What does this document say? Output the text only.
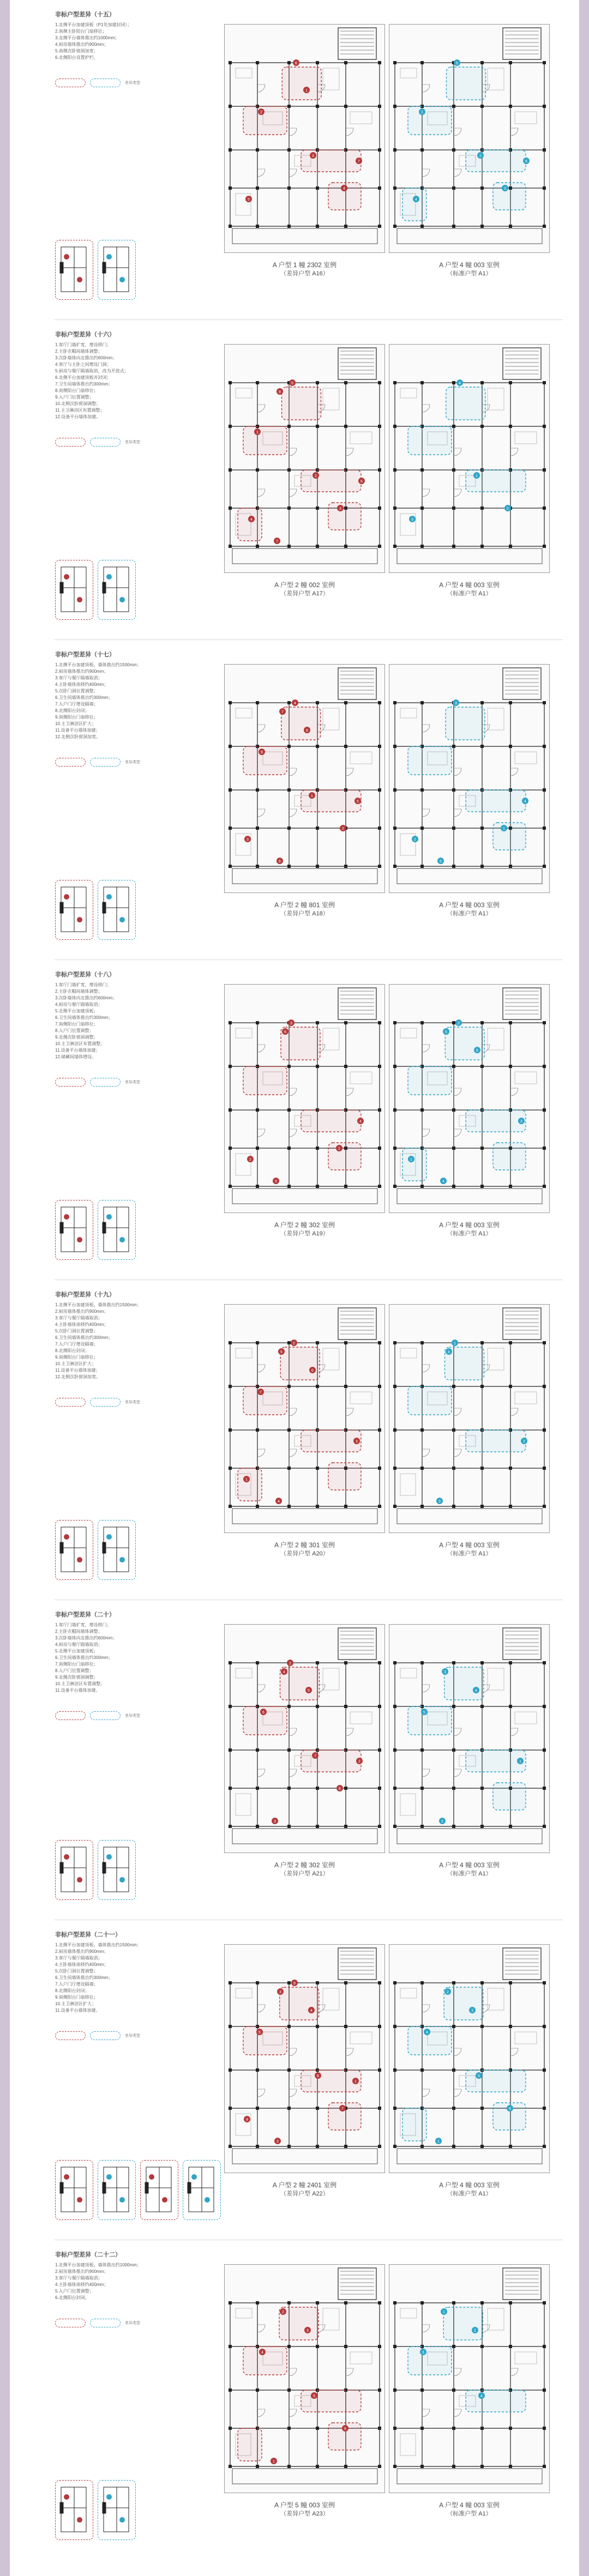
非标户型差异（十五）
1.北侧平台加建顶板（P1处加建封闭）；
2.南侧主卧阳台门扇移位；
3.北侧平台墙体推出约1000mm；
4.厨房墙体推出约900mm；
5.南侧次卧窗洞加宽；
6.北侧阳台设置护栏。
差异类型
1
2
3
4
5
6
7
1
2
3
4
5
6
A 户型 1 幢 2302 室例
（差异户型 A16）
A 户型 4 幢 003 室例
（标准户型 A1）
非标户型差异（十六）
1.客厅门墙扩宽，增设移门；
2.主卧衣帽间墙体调整；
3.次卧墙体向北推出约600mm；
4.客厅与主卧之间增设门洞；
5.厨房与餐厅隔墙取消，改为开放式；
6.北侧平台加建顶板并封闭；
7.卫生间墙体推出约300mm；
8.南侧阳台门扇移位；
9.入户门位置调整；
10.北侧次卧窗洞调整；
11.主卫淋浴区布置调整；
12.设备平台墙体加建。
差异类型
1
2
3
4
5
6
7
8
1
2
3
4
A 户型 2 幢 002 室例
（差异户型 A17）
A 户型 4 幢 003 室例
（标准户型 A1）
非标户型差异（十七）
1.北侧平台加建顶板，墙体推出约1500mm；
2.厨房墙体推出约900mm；
3.客厅与餐厅隔墙取消；
4.主卧墙体南移约400mm；
5.次卧门洞位置调整；
6.卫生间墙体推出约300mm；
7.入户门厅增设隔墙；
8.北侧阳台封闭；
9.南侧阳台门扇移位；
10.主卫淋浴区扩大；
11.设备平台墙体加建；
12.北侧次卧窗洞加宽。
差异类型
1
2
3
4
5
6
7
8
9
1
2
3
4
5
A 户型 2 幢 801 室例
（差异户型 A18）
A 户型 4 幢 003 室例
（标准户型 A1）
非标户型差异（十八）
1.客厅门墙扩宽，增设移门；
2.主卧衣帽间墙体调整；
3.次卧墙体向北推出约600mm；
4.厨房与餐厅隔墙取消；
5.北侧平台加建顶板；
6.卫生间墙体推出约300mm；
7.南侧阳台门扇移位；
8.入户门位置调整；
9.北侧次卧窗洞调整；
10.主卫淋浴区布置调整；
11.设备平台墙体加建；
12.储藏间墙体增设。
差异类型
1
2
3
4
5
6
1
2
3
4
5
6
A 户型 2 幢 302 室例
（差异户型 A19）
A 户型 4 幢 003 室例
（标准户型 A1）
非标户型差异（十九）
1.北侧平台加建顶板，墙体推出约1500mm；
2.厨房墙体推出约900mm；
3.客厅与餐厅隔墙取消；
4.主卧墙体南移约400mm；
5.次卧门洞位置调整；
6.卫生间墙体推出约300mm；
7.入户门厅增设隔墙；
8.北侧阳台封闭；
9.南侧阳台门扇移位；
10.主卫淋浴区扩大；
11.设备平台墙体加建；
12.北侧次卧窗洞加宽。
差异类型
1
2
3
4
5
6
7
1
2
3
4
A 户型 2 幢 301 室例
（差异户型 A20）
A 户型 4 幢 003 室例
（标准户型 A1）
非标户型差异（二十）
1.客厅门墙扩宽，增设移门；
2.主卧衣帽间墙体调整；
3.次卧墙体向北推出约600mm；
4.厨房与餐厅隔墙取消；
5.北侧平台加建顶板；
6.卫生间墙体推出约300mm；
7.南侧阳台门扇移位；
8.入户门位置调整；
9.北侧次卧窗洞调整；
10.主卫淋浴区布置调整；
11.设备平台墙体加建。
差异类型
1
2
3
4
5
6
7
8
1
2
3
4
5
A 户型 2 幢 302 室例
（差异户型 A21）
A 户型 4 幢 003 室例
（标准户型 A1）
非标户型差异（二十一）
1.北侧平台加建顶板，墙体推出约1500mm；
2.厨房墙体推出约900mm；
3.客厅与餐厅隔墙取消；
4.主卧墙体南移约400mm；
5.次卧门洞位置调整；
6.卫生间墙体推出约300mm；
7.入户门厅增设隔墙；
8.北侧阳台封闭；
9.南侧阳台门扇移位；
10.主卫淋浴区扩大；
11.设备平台墙体加建。
差异类型
1
2
3
4
5
6
7
8
9
1
2
3
4
5
6
A 户型 2 幢 2401 室例
（差异户型 A22）
A 户型 4 幢 003 室例
（标准户型 A1）
非标户型差异（二十二）
1.北侧平台加建顶板，墙体推出约1000mm；
2.厨房墙体推出约900mm；
3.客厅与餐厅隔墙取消；
4.主卧墙体南移约400mm；
5.入户门位置调整；
6.北侧阳台封闭。
差异类型
1
2
3
4
5
6
1
2
3
4
A 户型 5 幢 003 室例
（差异户型 A23）
A 户型 4 幢 003 室例
（标准户型 A1）
